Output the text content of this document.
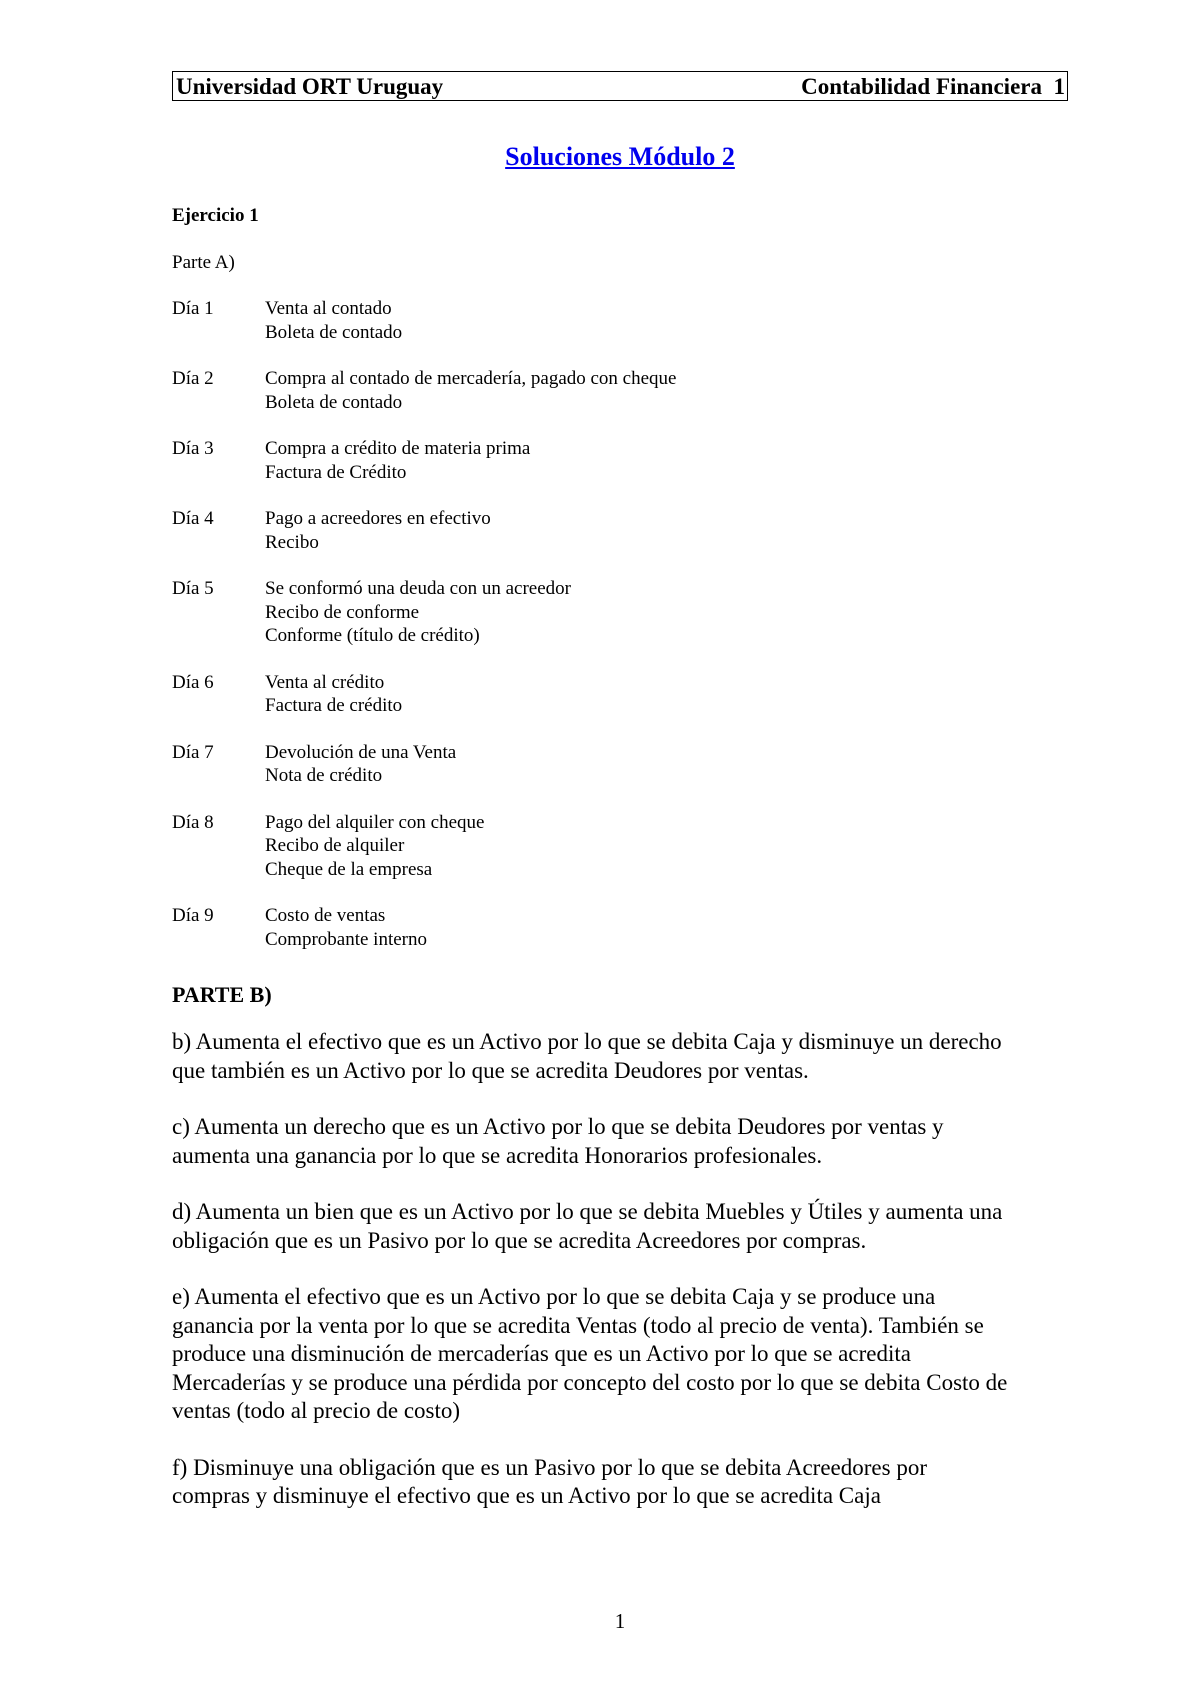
Universidad ORT Uruguay	Contabilidad Financiera  1
Soluciones Módulo 2
Ejercicio 1
Parte A)
Día 1	Venta al contado
Boleta de contado
Día 2	Compra al contado de mercadería, pagado con cheque
Boleta de contado
Día 3	Compra a crédito de materia prima
Factura de Crédito
Día 4	Pago a acreedores en efectivo
Recibo
Día 5	Se conformó una deuda con un acreedor
Recibo de conforme
Conforme (título de crédito)
Día 6	Venta al crédito
Factura de crédito
Día 7	Devolución de una Venta
Nota de crédito
Día 8	Pago del alquiler con cheque
Recibo de alquiler
Cheque de la empresa
Día 9	Costo de ventas
Comprobante interno
PARTE B)
b) Aumenta el efectivo que es un Activo por lo que se debita Caja y disminuye un derecho
que también es un Activo por lo que se acredita Deudores por ventas.
c) Aumenta un derecho que es un Activo por lo que se debita Deudores por ventas y
aumenta una ganancia por lo que se acredita Honorarios profesionales.
d) Aumenta un bien que es un Activo por lo que se debita Muebles y Útiles y aumenta una
obligación que es un Pasivo por lo que se acredita Acreedores por compras.
e) Aumenta el efectivo que es un Activo por lo que se debita Caja y se produce una
ganancia por la venta por lo que se acredita Ventas (todo al precio de venta). También se
produce una disminución de mercaderías que es un Activo por lo que se acredita
Mercaderías y se produce una pérdida por concepto del costo por lo que se debita Costo de
ventas (todo al precio de costo)
f) Disminuye una obligación que es un Pasivo por lo que se debita Acreedores por
compras y disminuye el efectivo que es un Activo por lo que se acredita Caja
1
